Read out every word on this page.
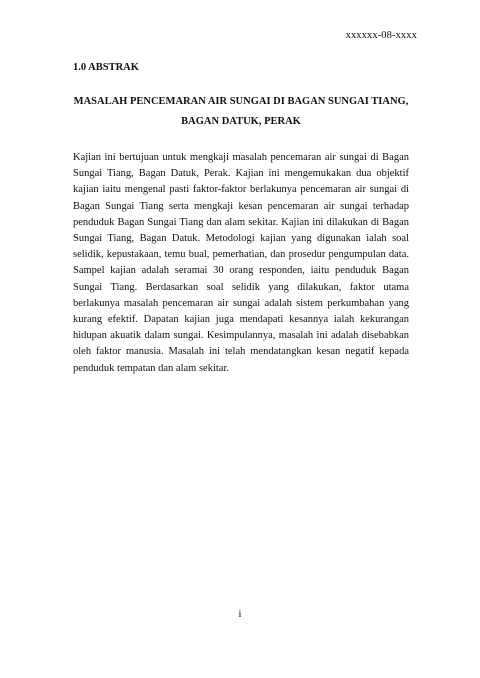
xxxxxx-08-xxxx
1.0 ABSTRAK
MASALAH PENCEMARAN AIR SUNGAI DI BAGAN SUNGAI TIANG,
BAGAN DATUK, PERAK

Kajian ini bertujuan untuk mengkaji masalah pencemaran air sungai di Bagan Sungai Tiang, Bagan Datuk, Perak. Kajian ini mengemukakan dua objektif kajian iaitu mengenal pasti faktor-faktor berlakunya pencemaran air sungai di Bagan Sungai Tiang serta mengkaji kesan pencemaran air sungai terhadap penduduk Bagan Sungai Tiang dan alam sekitar. Kajian ini dilakukan di Bagan Sungai Tiang, Bagan Datuk. Metodologi kajian yang digunakan ialah soal selidik, kepustakaan, temu bual, pemerhatian, dan prosedur pengumpulan data. Sampel kajian adalah seramai 30 orang responden, iaitu penduduk Bagan Sungai Tiang. Berdasarkan soal selidik yang dilakukan, faktor utama berlakunya masalah pencemaran air sungai adalah sistem perkumbahan yang kurang efektif. Dapatan kajian juga mendapati kesannya ialah kekurangan hidupan akuatik dalam sungai. Kesimpulannya, masalah ini adalah disebabkan oleh faktor manusia. Masalah ini telah mendatangkan kesan negatif kepada penduduk tempatan dan alam sekitar.

i
